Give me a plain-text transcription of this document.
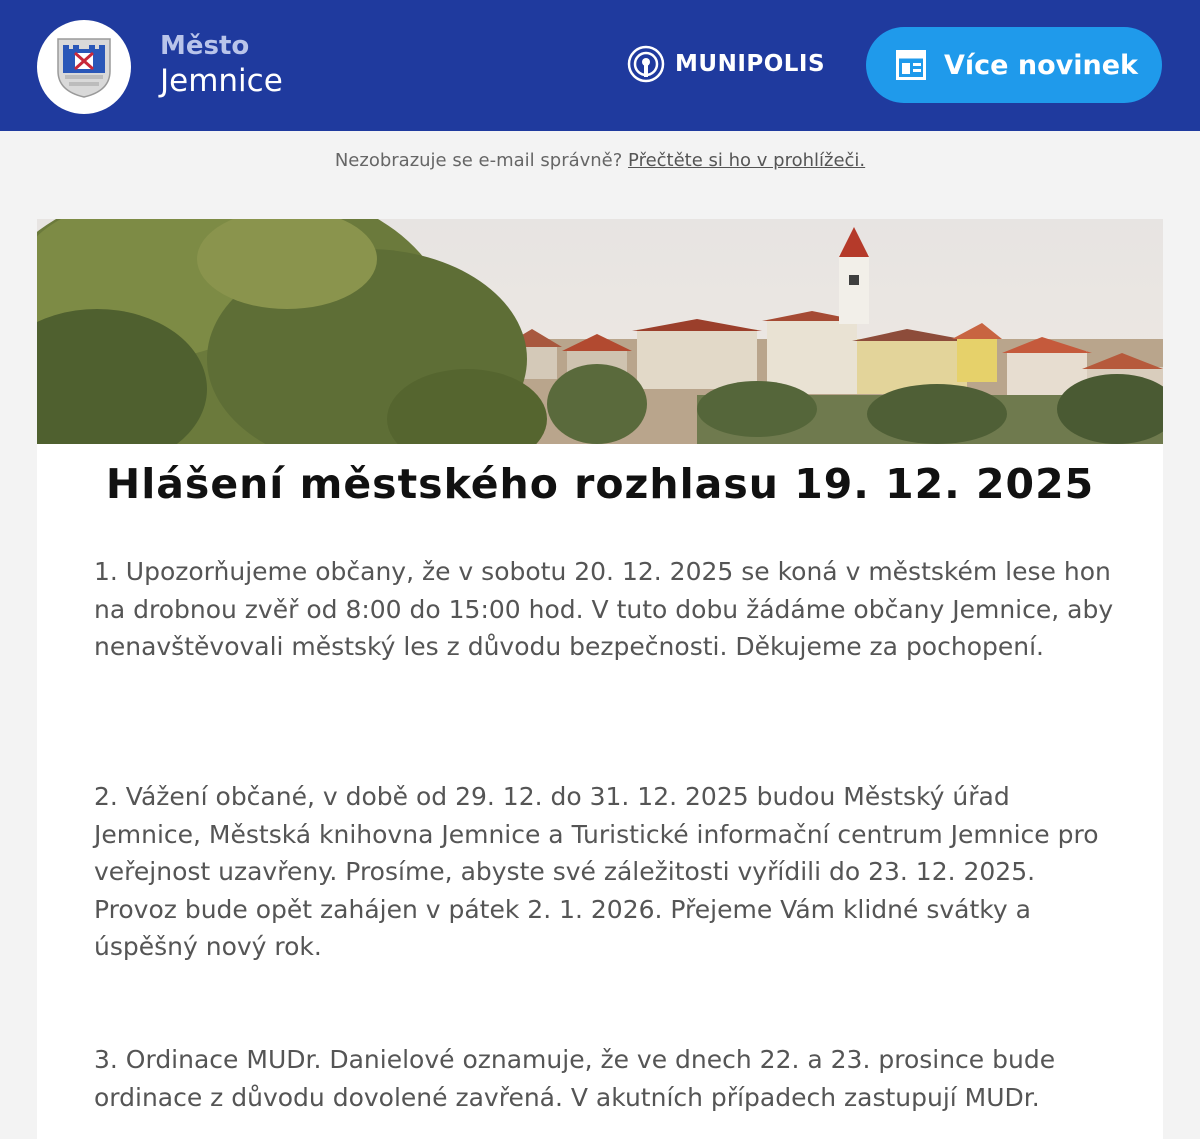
Město
Jemnice	MUNIPOLIS	Více novinek
Nezobrazuje se e-mail správně? Přečtěte si ho v prohlížeči.
Hlášení městského rozhlasu 19. 12. 2025

1. Upozorňujeme občany, že v sobotu 20. 12. 2025 se koná v městském lese hon na drobnou zvěř od 8:00 do 15:00 hod. V tuto dobu žádáme občany Jemnice, aby nenavštěvovali městský les z důvodu bezpečnosti. Děkujeme za pochopení.

2. Vážení občané, v době od 29. 12. do 31. 12. 2025 budou Městský úřad Jemnice, Městská knihovna Jemnice a Turistické informační centrum Jemnice pro veřejnost uzavřeny. Prosíme, abyste své záležitosti vyřídili do 23. 12. 2025. Provoz bude opět zahájen v pátek 2. 1. 2026. Přejeme Vám klidné svátky a úspěšný nový rok.

3. Ordinace MUDr. Danielové oznamuje, že ve dnech 22. a 23. prosince bude ordinace z důvodu dovolené zavřená. V akutních případech zastupují MUDr.
